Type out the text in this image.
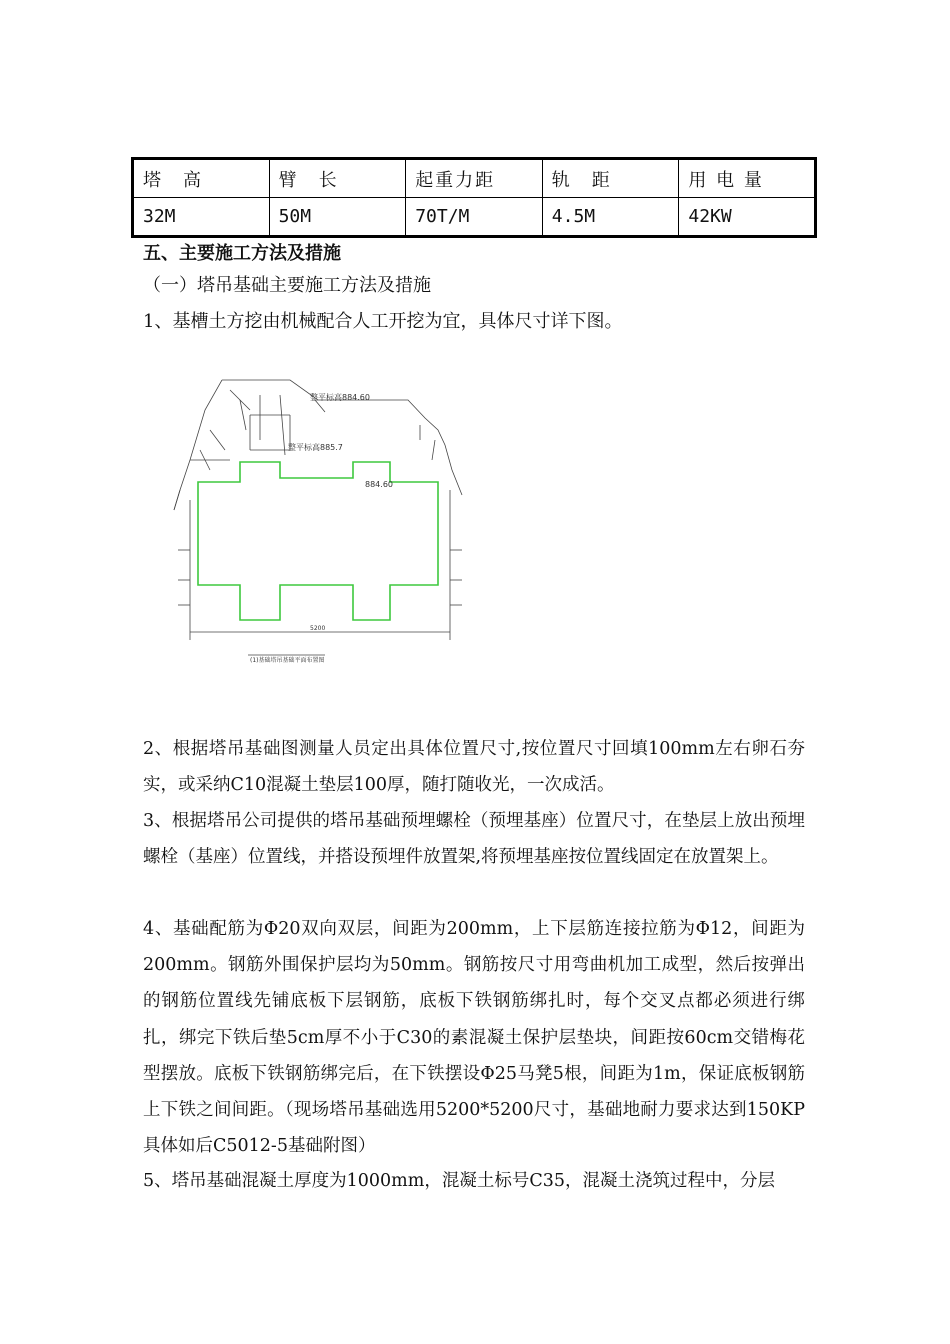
塔　高	臂　长	起重力距	轨　距	用 电 量
32M	50M	70T/M	4.5M	42KW

五、主要施工方法及措施

（一）塔吊基础主要施工方法及措施

1、基槽土方挖由机械配合人工开挖为宜，具体尺寸详下图。

整平标高884.60
整平标高885.7
884.60
5200
(1)基础塔吊基础平面布置图

2、根据塔吊基础图测量人员定出具体位置尺寸,按位置尺寸回填100mm左右卵石夯实，或采纳C10混凝土垫层100厚，随打随收光，一次成活。

3、根据塔吊公司提供的塔吊基础预埋螺栓（预埋基座）位置尺寸，在垫层上放出预埋螺栓（基座）位置线，并搭设预埋件放置架,将预埋基座按位置线固定在放置架上。

4、基础配筋为Φ20双向双层，间距为200mm，上下层筋连接拉筋为Φ12，间距为200mm。钢筋外围保护层均为50mm。钢筋按尺寸用弯曲机加工成型，然后按弹出的钢筋位置线先铺底板下层钢筋，底板下铁钢筋绑扎时，每个交叉点都必须进行绑扎，绑完下铁后垫5cm厚不小于C30的素混凝土保护层垫块，间距按60cm交错梅花型摆放。底板下铁钢筋绑完后，在下铁摆设Φ25马凳5根，间距为1m，保证底板钢筋上下铁之间间距。（现场塔吊基础选用5200*5200尺寸，基础地耐力要求达到150KP具体如后C5012-5基础附图）

5、塔吊基础混凝土厚度为1000mm，混凝土标号C35，混凝土浇筑过程中，分层
